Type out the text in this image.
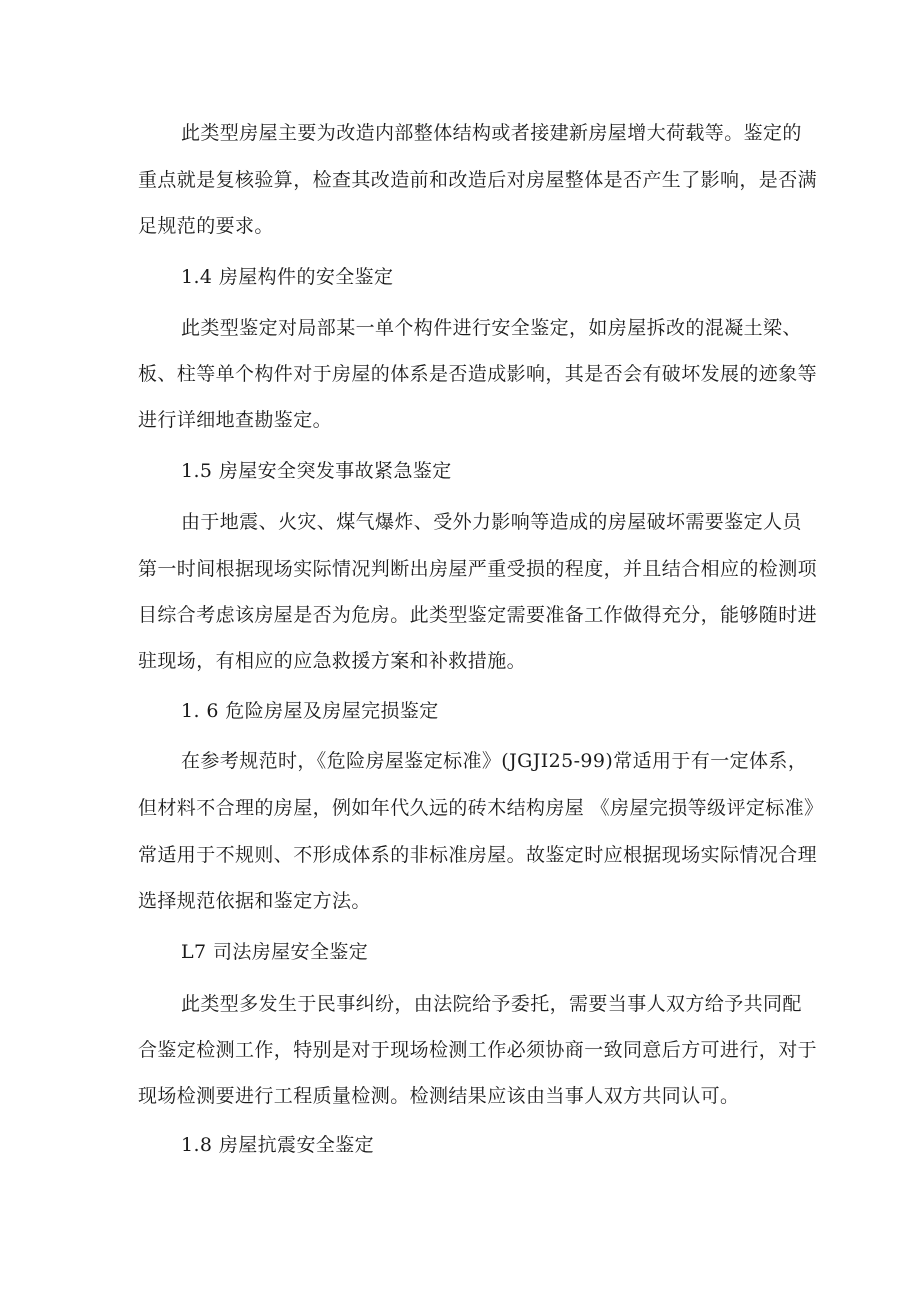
此类型房屋主要为改造内部整体结构或者接建新房屋增大荷载等。鉴定的
重点就是复核验算，检查其改造前和改造后对房屋整体是否产生了影响，是否满
足规范的要求。
1.4 房屋构件的安全鉴定
此类型鉴定对局部某一单个构件进行安全鉴定，如房屋拆改的混凝土梁、
板、柱等单个构件对于房屋的体系是否造成影响，其是否会有破坏发展的迹象等
进行详细地查勘鉴定。
1.5 房屋安全突发事故紧急鉴定
由于地震、火灾、煤气爆炸、受外力影响等造成的房屋破坏需要鉴定人员
第一时间根据现场实际情况判断出房屋严重受损的程度，并且结合相应的检测项
目综合考虑该房屋是否为危房。此类型鉴定需要准备工作做得充分，能够随时进
驻现场，有相应的应急救援方案和补救措施。
1. 6 危险房屋及房屋完损鉴定
在参考规范时，《危险房屋鉴定标准》(JGJI25-99)常适用于有一定体系，
但材料不合理的房屋，例如年代久远的砖木结构房屋 《房屋完损等级评定标准》
常适用于不规则、不形成体系的非标准房屋。故鉴定时应根据现场实际情况合理
选择规范依据和鉴定方法。
L7 司法房屋安全鉴定
此类型多发生于民事纠纷，由法院给予委托，需要当事人双方给予共同配
合鉴定检测工作，特别是对于现场检测工作必须协商一致同意后方可进行，对于
现场检测要进行工程质量检测。检测结果应该由当事人双方共同认可。
1.8 房屋抗震安全鉴定
